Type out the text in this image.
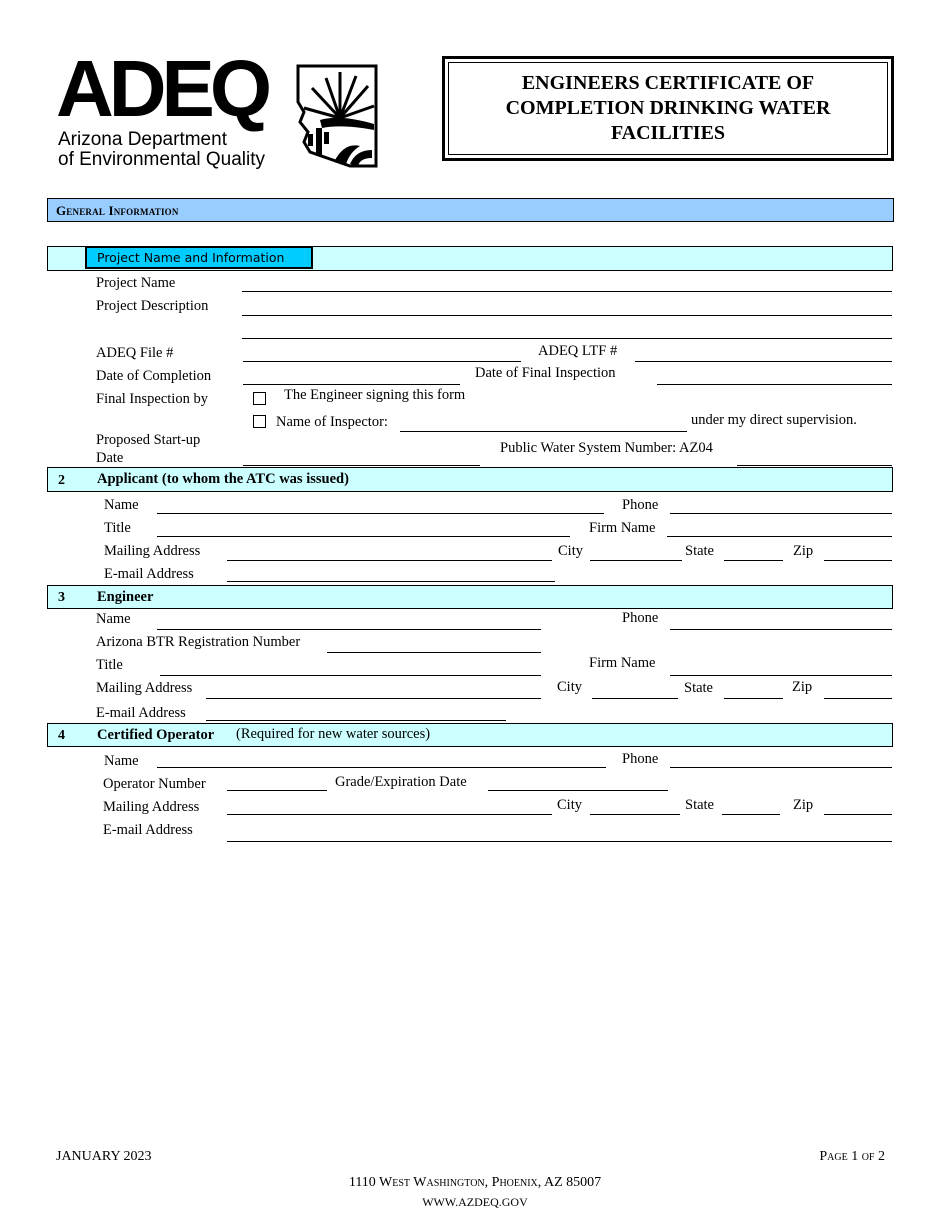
ADEQ
Arizona Department
of Environmental Quality
ENGINEERS CERTIFICATE OF COMPLETION DRINKING WATER FACILITIES
General Information
Project Name and Information
Project Name
Project Description
ADEQ File #	ADEQ LTF #
Date of Completion	Date of Final Inspection
Final Inspection by	The Engineer signing this form
Name of Inspector:	under my direct supervision.
Proposed Start-up
Date
Public Water System Number: AZ04
2 Applicant (to whom the ATC was issued)
Name	Phone
Title	Firm Name
Mailing Address	City	State	Zip
E-mail Address
3 Engineer
Name	Phone
Arizona BTR Registration Number
Title	Firm Name
Mailing Address	City	State	Zip
E-mail Address
4 Certified Operator (Required for new water sources)
Name	Phone
Operator Number	Grade/Expiration Date
Mailing Address	City	State	Zip
E-mail Address
JANUARY 2023	Page 1 of 2
1110 West Washington, Phoenix, AZ 85007
WWW.AZDEQ.GOV
